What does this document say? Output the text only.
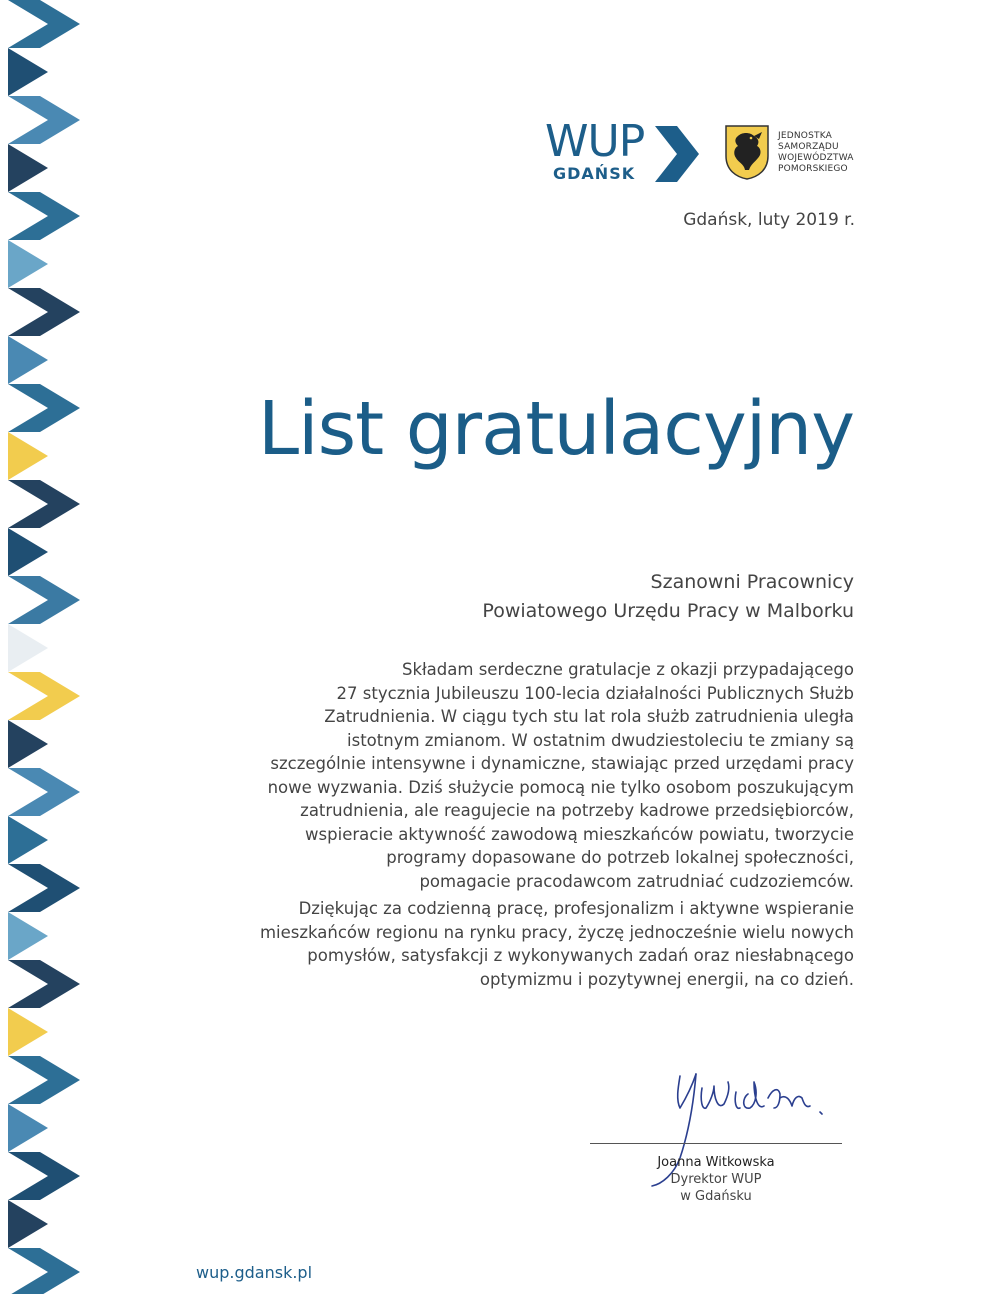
WUP
GDAŃSK
JEDNOSTKA
SAMORZĄDU
WOJEWÓDZTWA
POMORSKIEGO
Gdańsk, luty 2019 r.
List gratulacyjny
Szanowni Pracownicy
Powiatowego Urzędu Pracy w Malborku
Składam serdeczne gratulacje z okazji przypadającego
27 stycznia Jubileuszu 100-lecia działalności Publicznych Służb
Zatrudnienia. W ciągu tych stu lat rola służb zatrudnienia uległa
istotnym zmianom. W ostatnim dwudziestoleciu te zmiany są
szczególnie intensywne i dynamiczne, stawiając przed urzędami pracy
nowe wyzwania. Dziś służycie pomocą nie tylko osobom poszukującym
zatrudnienia, ale reagujecie na potrzeby kadrowe przedsiębiorców,
wspieracie aktywność zawodową mieszkańców powiatu, tworzycie
programy dopasowane do potrzeb lokalnej społeczności,
pomagacie pracodawcom zatrudniać cudzoziemców.
Dziękując za codzienną pracę, profesjonalizm i aktywne wspieranie
mieszkańców regionu na rynku pracy, życzę jednocześnie wielu nowych
pomysłów, satysfakcji z wykonywanych zadań oraz niesłabnącego
optymizmu i pozytywnej energii, na co dzień.
Joanna Witkowska
Dyrektor WUP
w Gdańsku
wup.gdansk.pl
